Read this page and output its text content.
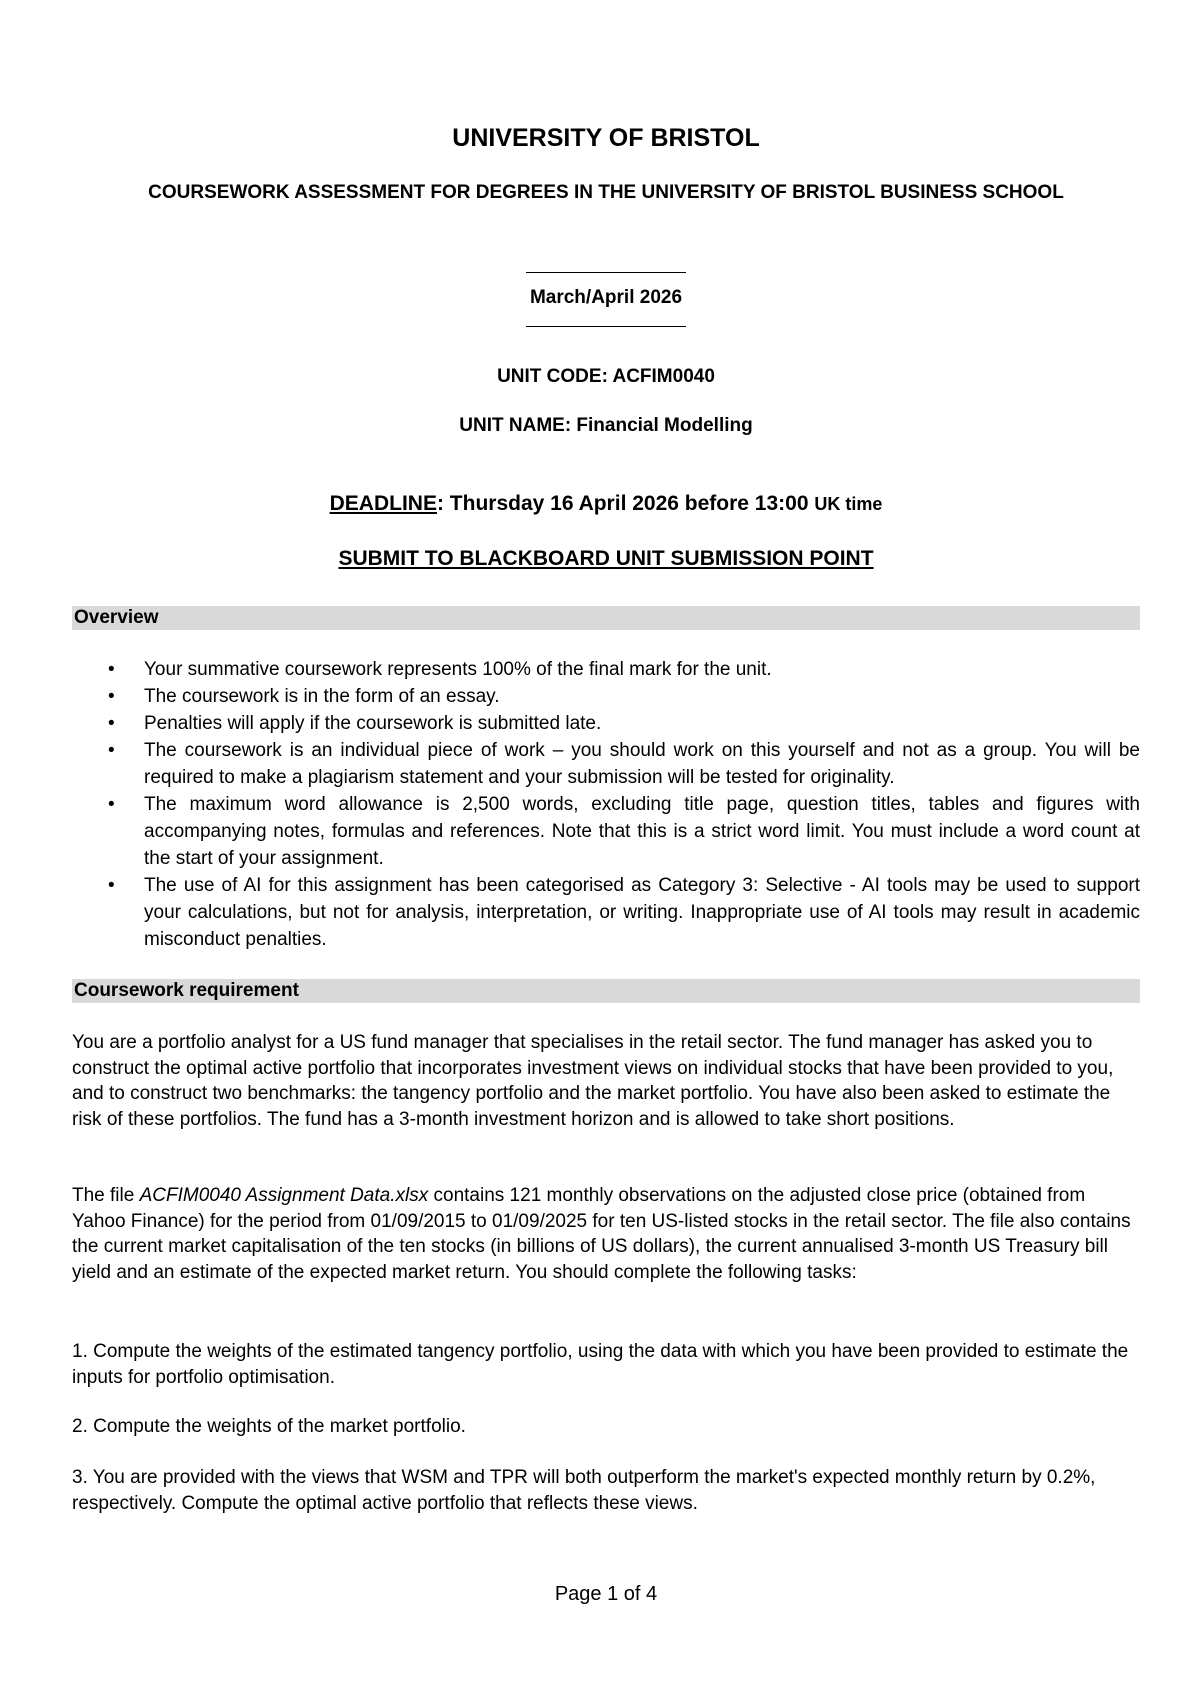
UNIVERSITY OF BRISTOL
COURSEWORK ASSESSMENT FOR DEGREES IN THE UNIVERSITY OF BRISTOL BUSINESS SCHOOL
March/April 2026
UNIT CODE: ACFIM0040
UNIT NAME: Financial Modelling
DEADLINE: Thursday 16 April 2026 before 13:00 UK time
SUBMIT TO BLACKBOARD UNIT SUBMISSION POINT
Overview
• Your summative coursework represents 100% of the final mark for the unit.
• The coursework is in the form of an essay.
• Penalties will apply if the coursework is submitted late.
• The coursework is an individual piece of work – you should work on this yourself and not as a group. You will be required to make a plagiarism statement and your submission will be tested for originality.
• The maximum word allowance is 2,500 words, excluding title page, question titles, tables and figures with accompanying notes, formulas and references. Note that this is a strict word limit. You must include a word count at the start of your assignment.
• The use of AI for this assignment has been categorised as Category 3: Selective - AI tools may be used to support your calculations, but not for analysis, interpretation, or writing. Inappropriate use of AI tools may result in academic misconduct penalties.
Coursework requirement

You are a portfolio analyst for a US fund manager that specialises in the retail sector. The fund manager has asked you to construct the optimal active portfolio that incorporates investment views on individual stocks that have been provided to you, and to construct two benchmarks: the tangency portfolio and the market portfolio. You have also been asked to estimate the risk of these portfolios. The fund has a 3-month investment horizon and is allowed to take short positions.

The file ACFIM0040 Assignment Data.xlsx contains 121 monthly observations on the adjusted close price (obtained from Yahoo Finance) for the period from 01/09/2015 to 01/09/2025 for ten US-listed stocks in the retail sector. The file also contains the current market capitalisation of the ten stocks (in billions of US dollars), the current annualised 3-month US Treasury bill yield and an estimate of the expected market return. You should complete the following tasks:

1. Compute the weights of the estimated tangency portfolio, using the data with which you have been provided to estimate the inputs for portfolio optimisation.

2. Compute the weights of the market portfolio.

3. You are provided with the views that WSM and TPR will both outperform the market's expected monthly return by 0.2%, respectively. Compute the optimal active portfolio that reflects these views.

Page 1 of 4
